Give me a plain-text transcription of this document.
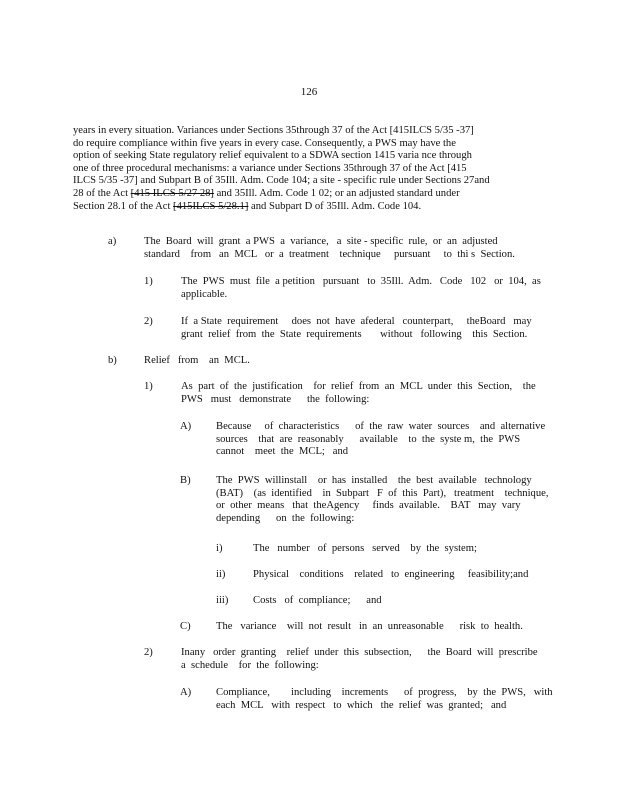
126
years in every situation. Variances under Sections 35through 37 of the Act [415ILCS 5/35 -37]
do require compliance within five years in every case. Consequently, a PWS may have the
option of seeking State regulatory relief equivalent to a SDWA section 1415 varia nce through
one of three procedural mechanisms: a variance under Sections 35through 37 of the Act [415
ILCS 5/35 -37] and Subpart B of 35Ill. Adm. Code 104; a site - specific rule under Sections 27and
28 of the Act [415 ILCS 5/27 28] and 35Ill. Adm. Code 1 02; or an adjusted standard under
Section 28.1 of the Act [415ILCS 5/28.1] and Subpart D of 35Ill. Adm. Code 104.
a)	The  Board  will  grant  a PWS  a  variance,   a  site - specific  rule,  or  an  adjusted
standard    from   an  MCL   or  a  treatment    technique     pursuant     to  thi s  Section.
1)	The  PWS  must  file  a petition   pursuant   to  35Ill.  Adm.   Code   102   or  104,  as
applicable.
2)	If  a State  requirement     does  not  have  afederal   counterpart,     theBoard   may
grant  relief  from  the  State  requirements       without   following    this  Section.
b)	Relief   from    an  MCL.
1)	As  part  of  the  justification    for  relief  from  an  MCL  under  this  Section,    the
PWS   must   demonstrate      the  following:
A) Because     of  characteristics      of  the  raw  water  sources    and  alternative
sources    that  are  reasonably      available    to  the  syste m,  the  PWS
cannot    meet  the  MCL;   and
B) The  PWS  willinstall    or  has  installed    the  best  available   technology
(BAT)    (as  identified    in  Subpart   F  of  this  Part),   treatment    technique,
or  other  means   that  theAgency     finds  available.    BAT   may  vary
depending      on  the  following:
i)	The   number   of  persons   served    by  the  system;
ii)	Physical    conditions    related   to  engineering     feasibility;and
iii) Costs   of  compliance;      and
C) The   variance    will  not  result   in  an  unreasonable      risk  to  health.
2)	Inany   order  granting    relief  under  this  subsection,      the  Board  will  prescribe
a  schedule    for  the  following:
A) Compliance,        including    increments      of  progress,    by  the  PWS,   with
each  MCL   with  respect   to  which   the  relief  was  granted;   and
